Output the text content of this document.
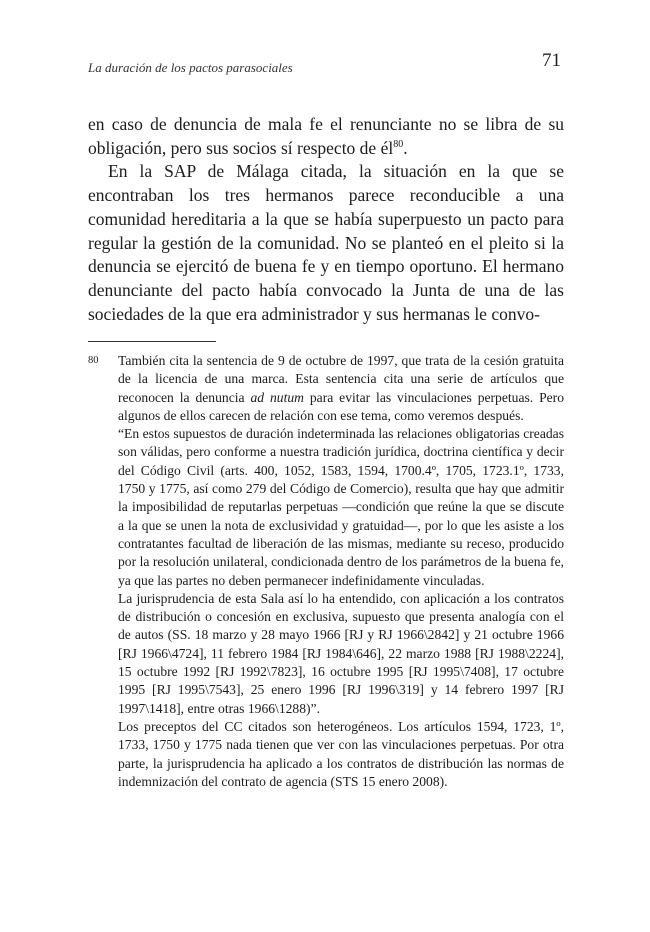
La duración de los pactos parasociales	71

en caso de denuncia de mala fe el renunciante no se libra de su obligación, pero sus socios sí respecto de $él^{80}$.

En la SAP de Málaga citada, la situación en la que se encontraban los tres hermanos parece reconducible a una comunidad hereditaria a la que se había superpuesto un pacto para regular la gestión de la comunidad. No se planteó en el pleito si la denuncia se ejercitó de buena fe y en tiempo oportuno. El hermano denunciante del pacto había convocado la Junta de una de las sociedades de la que era administrador y sus hermanas le convo-

80 También cita la sentencia de 9 de octubre de 1997, que trata de la cesión gratuita de la licencia de una marca. Esta sentencia cita una serie de artículos que reconocen la denuncia ad nutum para evitar las vinculaciones perpetuas. Pero algunos de ellos carecen de relación con ese tema, como veremos después.

“En estos supuestos de duración indeterminada las relaciones obligatorias creadas son válidas, pero conforme a nuestra tradición jurídica, doctrina científica y decir del Código Civil (arts. 400, 1052, 1583, 1594, 1700.4º, 1705, 1723.1º, 1733, 1750 y 1775, así como 279 del Código de Comercio), resulta que hay que admitir la imposibilidad de reputarlas perpetuas —condición que reúne la que se discute a la que se unen la nota de exclusividad y gratuidad—, por lo que les asiste a los contratantes facultad de liberación de las mismas, mediante su receso, producido por la resolución unilateral, condicionada dentro de los parámetros de la buena fe, ya que las partes no deben permanecer indefinidamente vinculadas.

La jurisprudencia de esta Sala así lo ha entendido, con aplicación a los contratos de distribución o concesión en exclusiva, supuesto que presenta analogía con el de autos (SS. 18 marzo y 28 mayo 1966 [RJ y RJ 1966\2842] y 21 octubre 1966 [RJ 1966\4724], 11 febrero 1984 [RJ 1984\646], 22 marzo 1988 [RJ 1988\2224], 15 octubre 1992 [RJ 1992\7823], 16 octubre 1995 [RJ 1995\7408], 17 octubre 1995 [RJ 1995\7543], 25 enero 1996 [RJ 1996\319] y 14 febrero 1997 [RJ 1997\1418], entre otras 1966\1288)”.

Los preceptos del CC citados son heterogéneos. Los artículos 1594, 1723, 1º, 1733, 1750 y 1775 nada tienen que ver con las vinculaciones perpetuas. Por otra parte, la jurisprudencia ha aplicado a los contratos de distribución las normas de indemnización del contrato de agencia (STS 15 enero 2008).
